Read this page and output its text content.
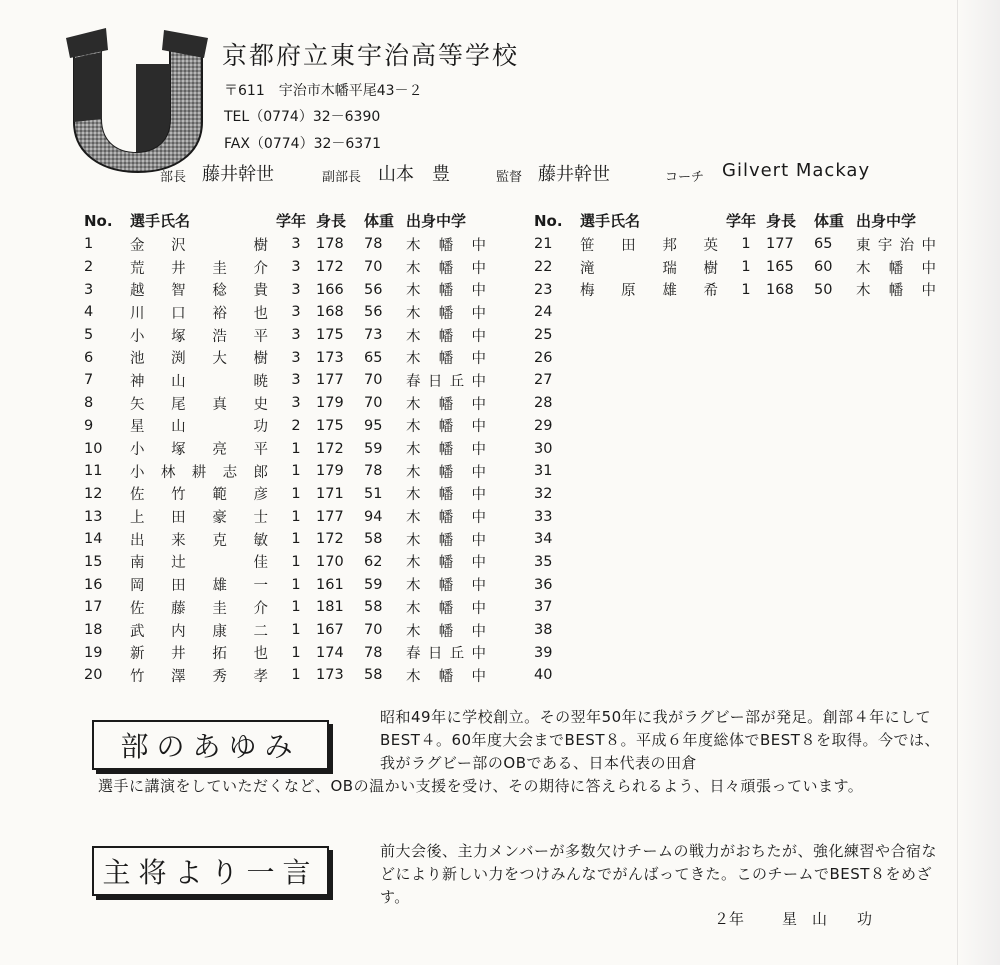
京都府立東宇治高等学校
〒611　宇治市木幡平尾43－２
TEL（0774）32－6390
FAX（0774）32－6371
部長 藤井幹世	副部長 山本　豊	監督 藤井幹世	コーチ Gilvert Mackay
No.	選手氏名	学年	身長	体重	出身中学
1	金沢　樹	3	178	78	木幡中
2	荒井圭介	3	172	70	木幡中
3	越智稔貴	3	166	56	木幡中
4	川口裕也	3	168	56	木幡中
5	小塚浩平	3	175	73	木幡中
6	池渕大樹	3	173	65	木幡中
7	神山　暁	3	177	70	春日丘中
8	矢尾真史	3	179	70	木幡中
9	星山　功	2	175	95	木幡中
10	小塚亮平	1	172	59	木幡中
11	小林耕志郎	1	179	78	木幡中
12	佐竹範彦	1	171	51	木幡中
13	上田豪士	1	177	94	木幡中
14	出来克敏	1	172	58	木幡中
15	南辻　佳	1	170	62	木幡中
16	岡田雄一	1	161	59	木幡中
17	佐藤圭介	1	181	58	木幡中
18	武内康二	1	167	70	木幡中
19	新井拓也	1	174	78	春日丘中
20	竹澤秀孝	1	173	58	木幡中
No.	選手氏名	学年	身長	体重	出身中学
21	笹田邦英	1	177	65	東宇治中
22	滝　瑞樹	1	165	60	木幡中
23	梅原雄希	1	168	50	木幡中
24					
25					
26					
27					
28					
29					
30					
31					
32					
33					
34					
35					
36					
37					
38					
39					
40					
部のあゆみ

昭和49年に学校創立。その翌年50年に我がラグビー部が発足。創部４年にしてBEST４。60年度大会までBEST８。平成６年度総体でBEST８を取得。今では、我がラグビー部のOBである、日本代表の田倉

選手に講演をしていただくなど、OBの温かい支援を受け、その期待に答えられるよう、日々頑張っています。

主将より一言

前大会後、主力メンバーが多数欠けチームの戦力がおちたが、強化練習や合宿などにより新しい力をつけみんなでがんばってきた。このチームでBEST８をめざす。

２年	星　山　　功
